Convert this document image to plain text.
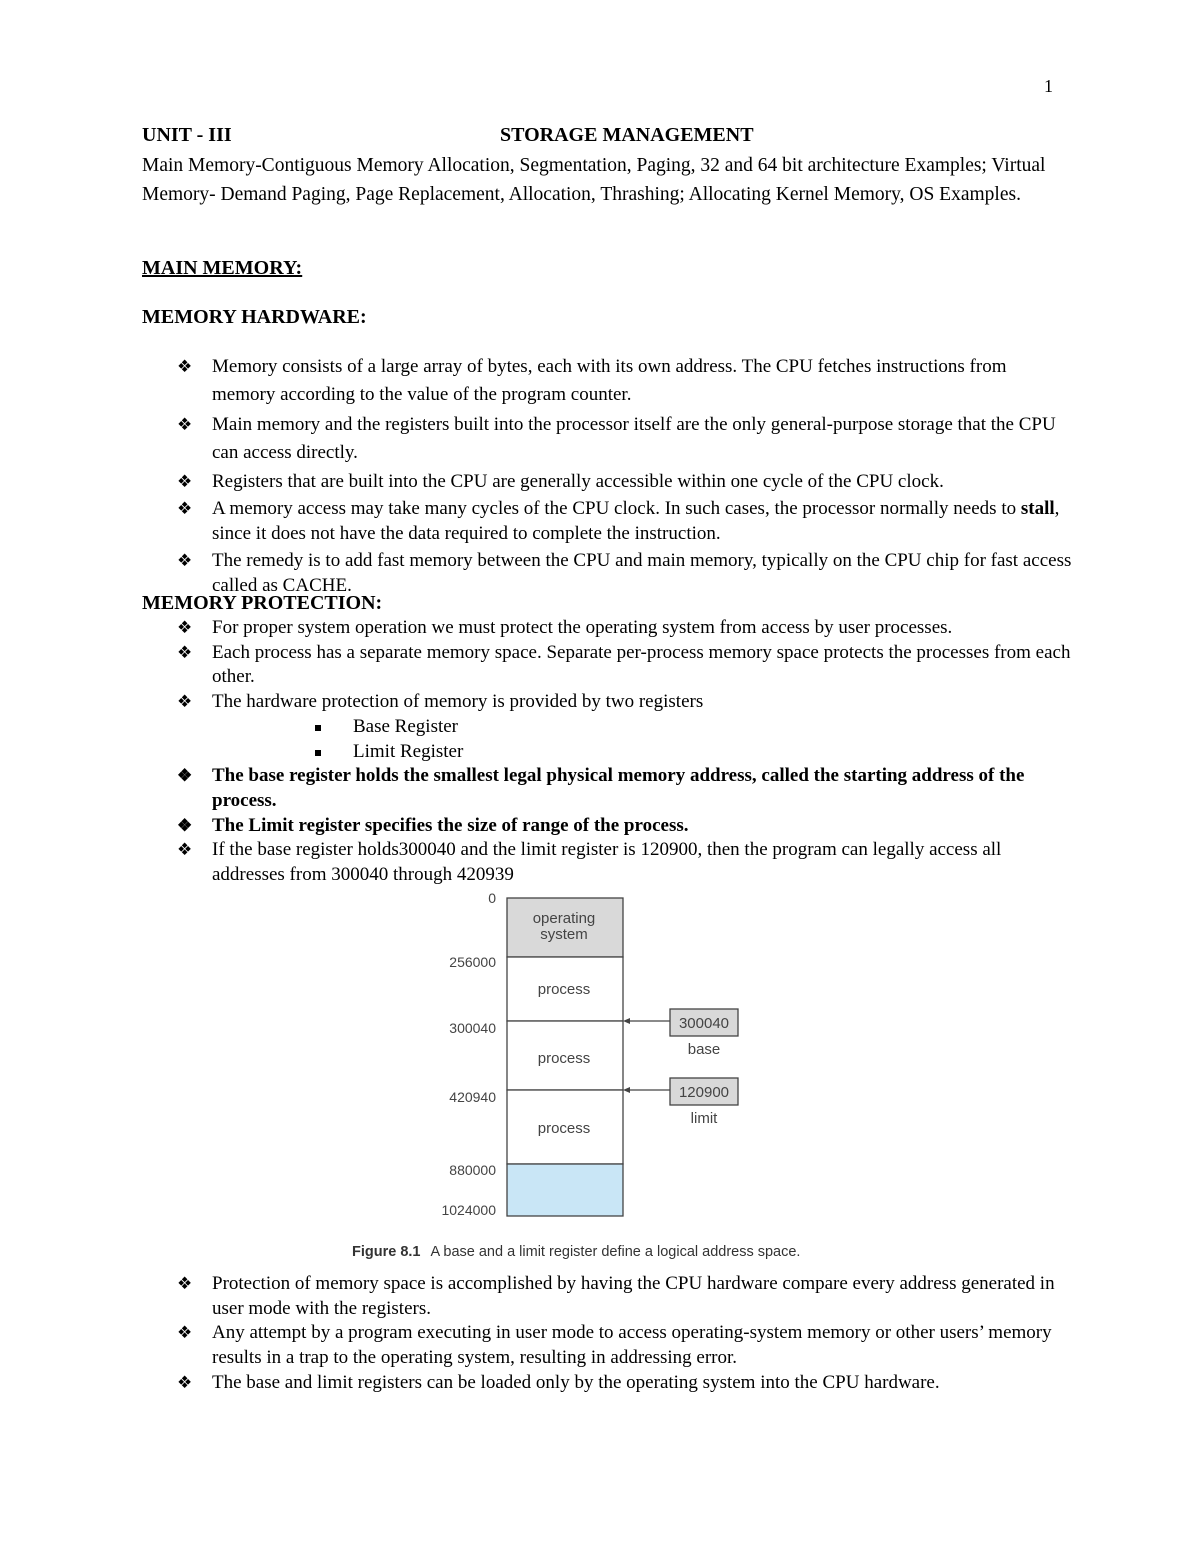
1
UNIT - III	STORAGE MANAGEMENT

Main Memory-Contiguous Memory Allocation, Segmentation, Paging, 32 and 64 bit architecture Examples; Virtual Memory- Demand Paging, Page Replacement, Allocation, Thrashing; Allocating Kernel Memory, OS Examples.

MAIN MEMORY:
MEMORY HARDWARE:
❖ Memory consists of a large array of bytes, each with its own address. The CPU fetches instructions from memory according to the value of the program counter.
❖ Main memory and the registers built into the processor itself are the only general-purpose storage that the CPU can access directly.
❖ Registers that are built into the CPU are generally accessible within one cycle of the CPU clock.
❖ A memory access may take many cycles of the CPU clock. In such cases, the processor normally needs to stall, since it does not have the data required to complete the instruction.
❖ The remedy is to add fast memory between the CPU and main memory, typically on the CPU chip for fast access called as CACHE.
MEMORY PROTECTION:
❖ For proper system operation we must protect the operating system from access by user processes.
❖ Each process has a separate memory space. Separate per-process memory space protects the processes from each other.
❖ The hardware protection of memory is provided by two registers
Base Register
Limit Register
❖ The base register holds the smallest legal physical memory address, called the starting address of the process.
❖ The Limit register specifies the size of range of the process.
❖ If the base register holds300040 and the limit register is 120900, then the program can legally access all addresses from 300040 through 420939
operating
system
process
process
process
0
256000
300040
420940
880000
1024000
300040
base
120900
limit
Figure 8.1 A base and a limit register define a logical address space.
❖ Protection of memory space is accomplished by having the CPU hardware compare every address generated in user mode with the registers.
❖ Any attempt by a program executing in user mode to access operating-system memory or other users’ memory results in a trap to the operating system, resulting in addressing error.
❖ The base and limit registers can be loaded only by the operating system into the CPU hardware.
